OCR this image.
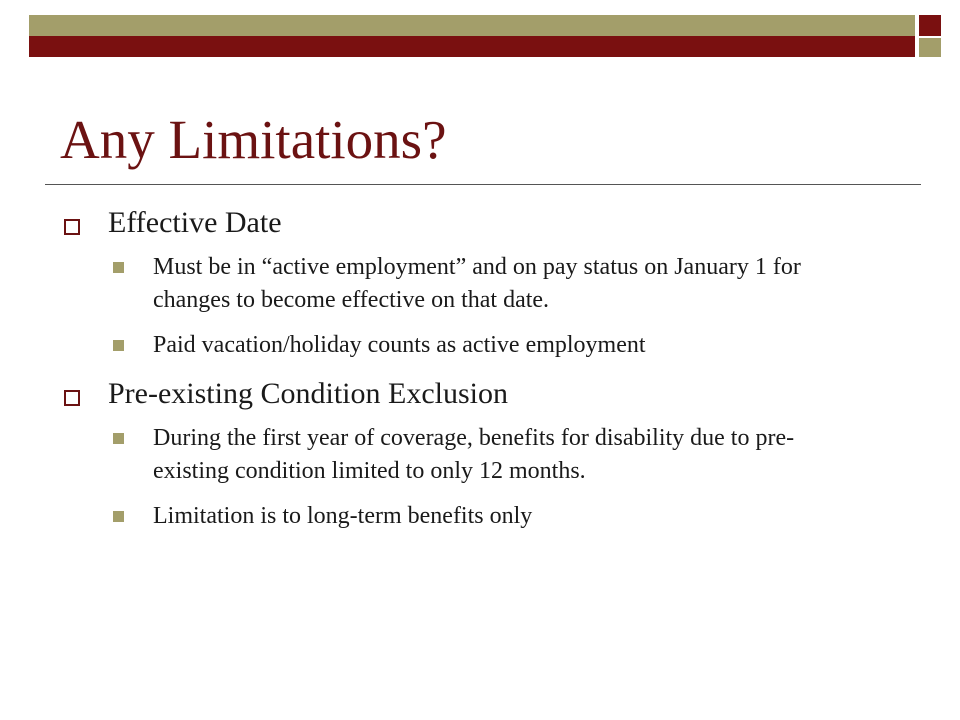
Any Limitations?
Effective Date
Must be in “active employment” and on pay status on January 1 for changes to become effective on that date.
Paid vacation/holiday counts as active employment
Pre-existing Condition Exclusion
During the first year of coverage, benefits for disability due to pre-existing condition limited to only 12 months.
Limitation is to long-term benefits only
